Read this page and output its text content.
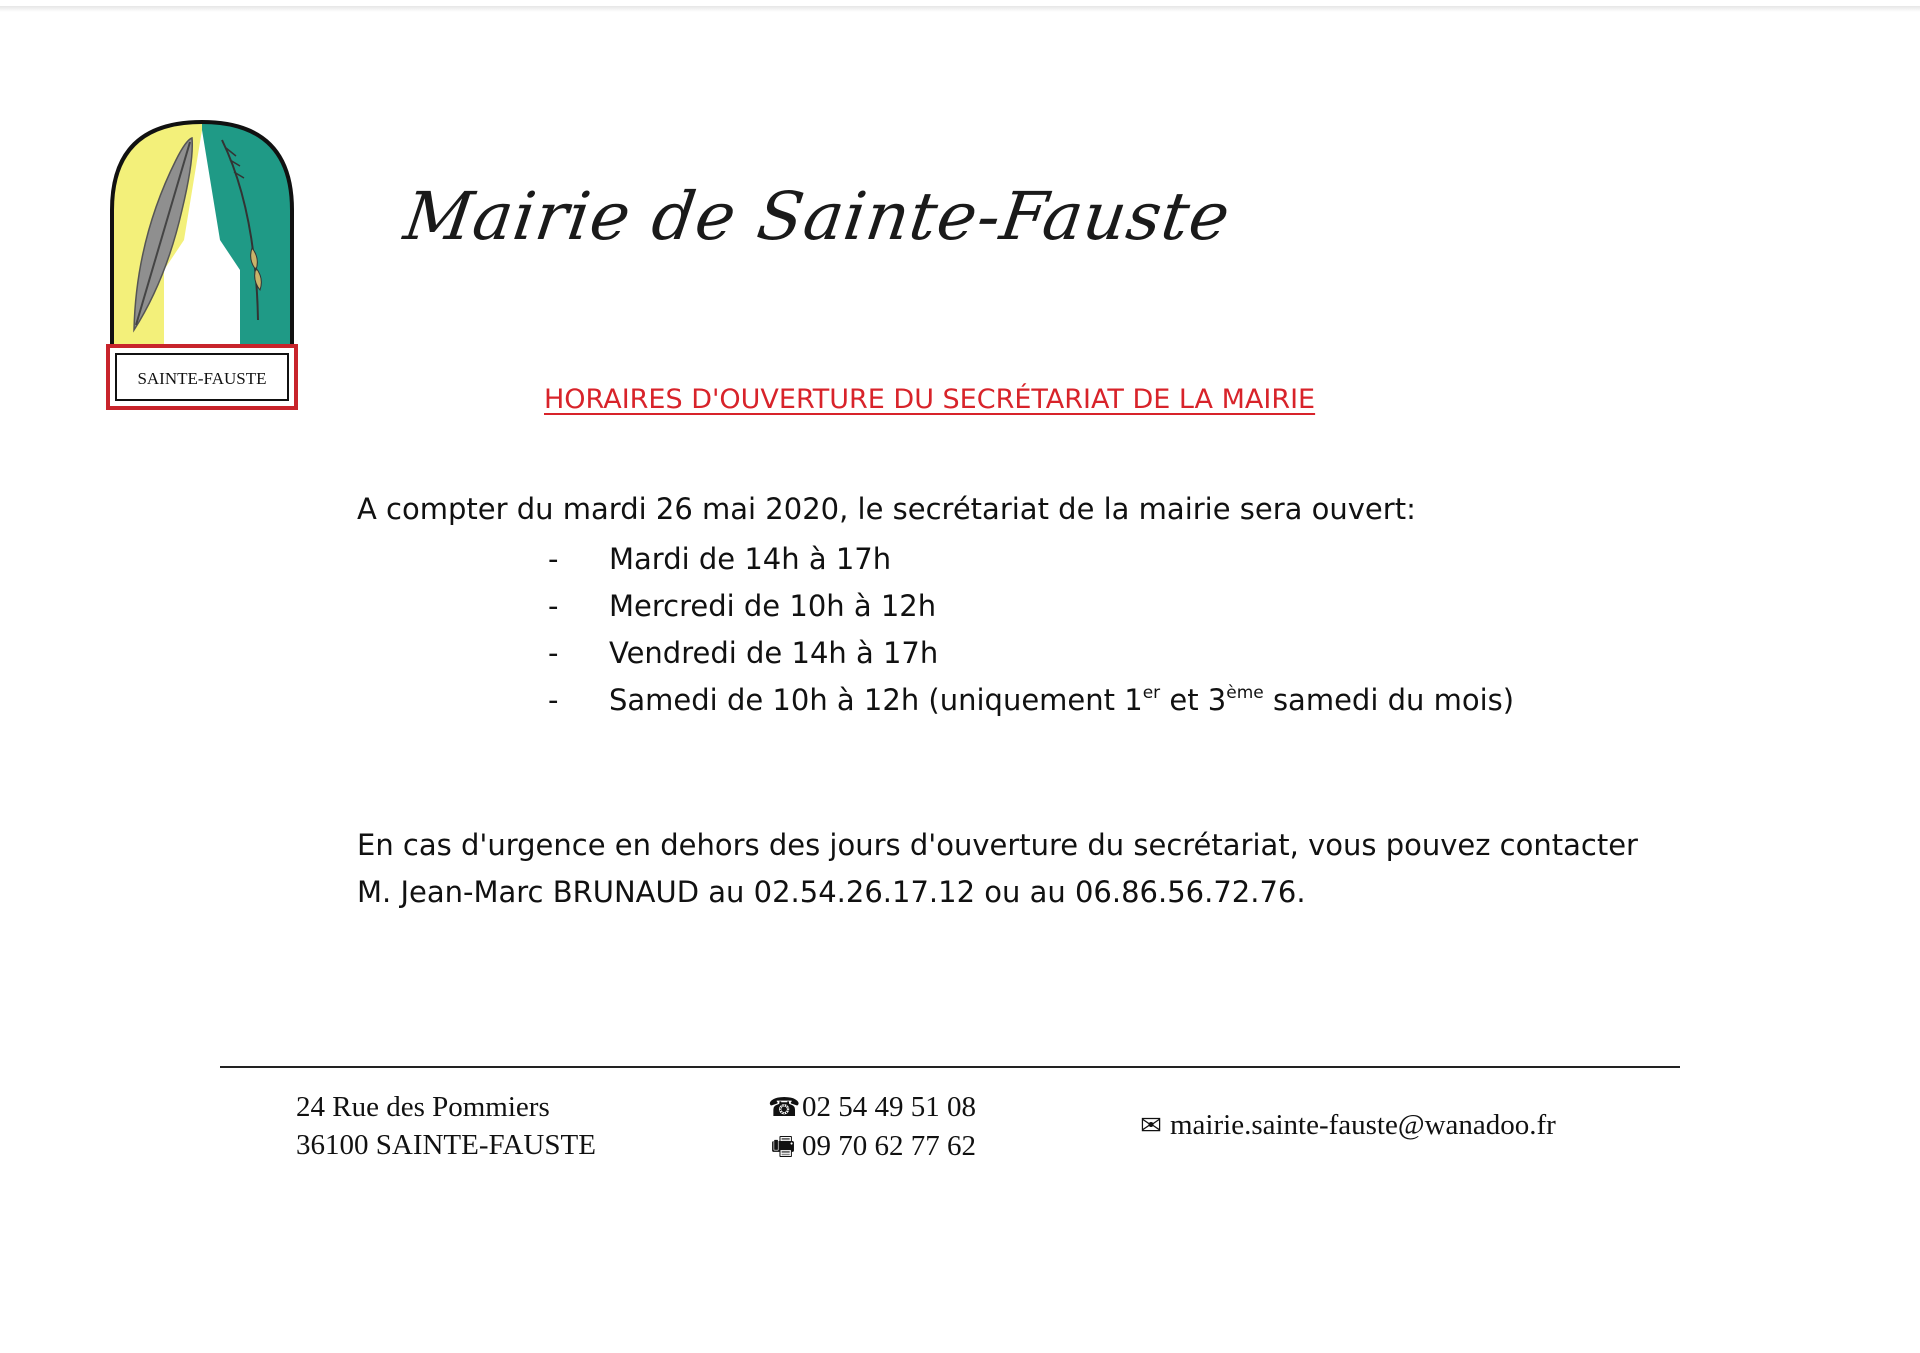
SAINTE-FAUSTE
Mairie de Sainte-Fauste
HORAIRES D'OUVERTURE DU SECRÉTARIAT DE LA MAIRIE
A compter du mardi 26 mai 2020, le secrétariat de la mairie sera ouvert:
- Mardi de 14h à 17h
- Mercredi de 10h à 12h
- Vendredi de 14h à 17h
- Samedi de 10h à 12h (uniquement 1er et 3ème samedi du mois)
En cas d'urgence en dehors des jours d'ouverture du secrétariat, vous pouvez contacter
M. Jean-Marc BRUNAUD au 02.54.26.17.12 ou au 06.86.56.72.76.
24 Rue des Pommiers
36100 SAINTE-FAUSTE
☎02 54 49 51 08
🖷 09 70 62 77 62
✉ mairie.sainte-fauste@wanadoo.fr
